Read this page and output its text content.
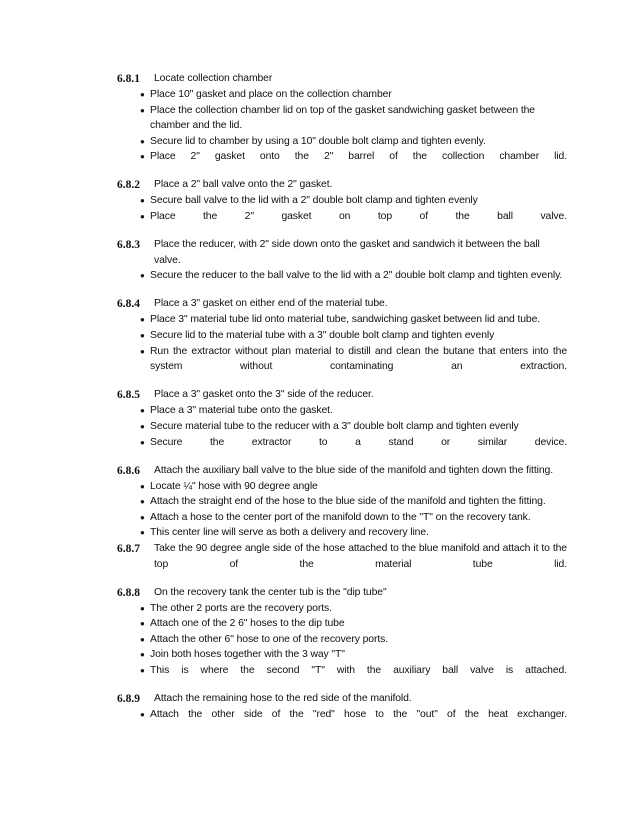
6.8.1	Locate collection chamber
● Place 10" gasket and place on the collection chamber
● Place the collection chamber lid on top of the gasket sandwiching gasket between the chamber and the lid.
● Secure lid to chamber by using a 10" double bolt clamp and tighten evenly.
● Place 2" gasket onto the 2" barrel of the collection chamber lid.
6.8.2	Place a 2" ball valve onto the 2" gasket.
● Secure ball valve to the lid with a 2" double bolt clamp and tighten evenly
● Place the 2" gasket on top of the ball valve.
6.8.3	Place the reducer, with 2" side down onto the gasket and sandwich it between the ball valve.
● Secure the reducer to the ball valve to the lid with a 2" double bolt clamp and tighten evenly.
6.8.4	Place a 3" gasket on either end of the material tube.
● Place 3" material tube lid onto material tube, sandwiching gasket between lid and tube.
● Secure lid to the material tube with a 3" double bolt clamp and tighten evenly
● Run the extractor without plan material to distill and clean the butane that enters into the system without contaminating an extraction.
6.8.5	Place a 3" gasket onto the 3" side of the reducer.
● Place a 3" material tube onto the gasket.
● Secure material tube to the reducer with a 3" double bolt clamp and tighten evenly
● Secure the extractor to a stand or similar device.
6.8.6	Attach the auxiliary ball valve to the blue side of the manifold and tighten down the fitting.
● Locate ¼" hose with 90 degree angle
● Attach the straight end of the hose to the blue side of the manifold and tighten the fitting.
● Attach a hose to the center port of the manifold down to the "T" on the recovery tank.
● This center line will serve as both a delivery and recovery line.
6.8.7	Take the 90 degree angle side of the hose attached to the blue manifold and attach it to the top of the material tube lid.
6.8.8	On the recovery tank the center tub is the "dip tube"
● The other 2 ports are the recovery ports.
● Attach one of the 2 6" hoses to the dip tube
● Attach the other 6" hose to one of the recovery ports.
● Join both hoses together with the 3 way "T"
● This is where the second "T" with the auxiliary ball valve is attached.
6.8.9	Attach the remaining hose to the red side of the manifold.
● Attach the other side of the "red" hose to the "out" of the heat exchanger.
